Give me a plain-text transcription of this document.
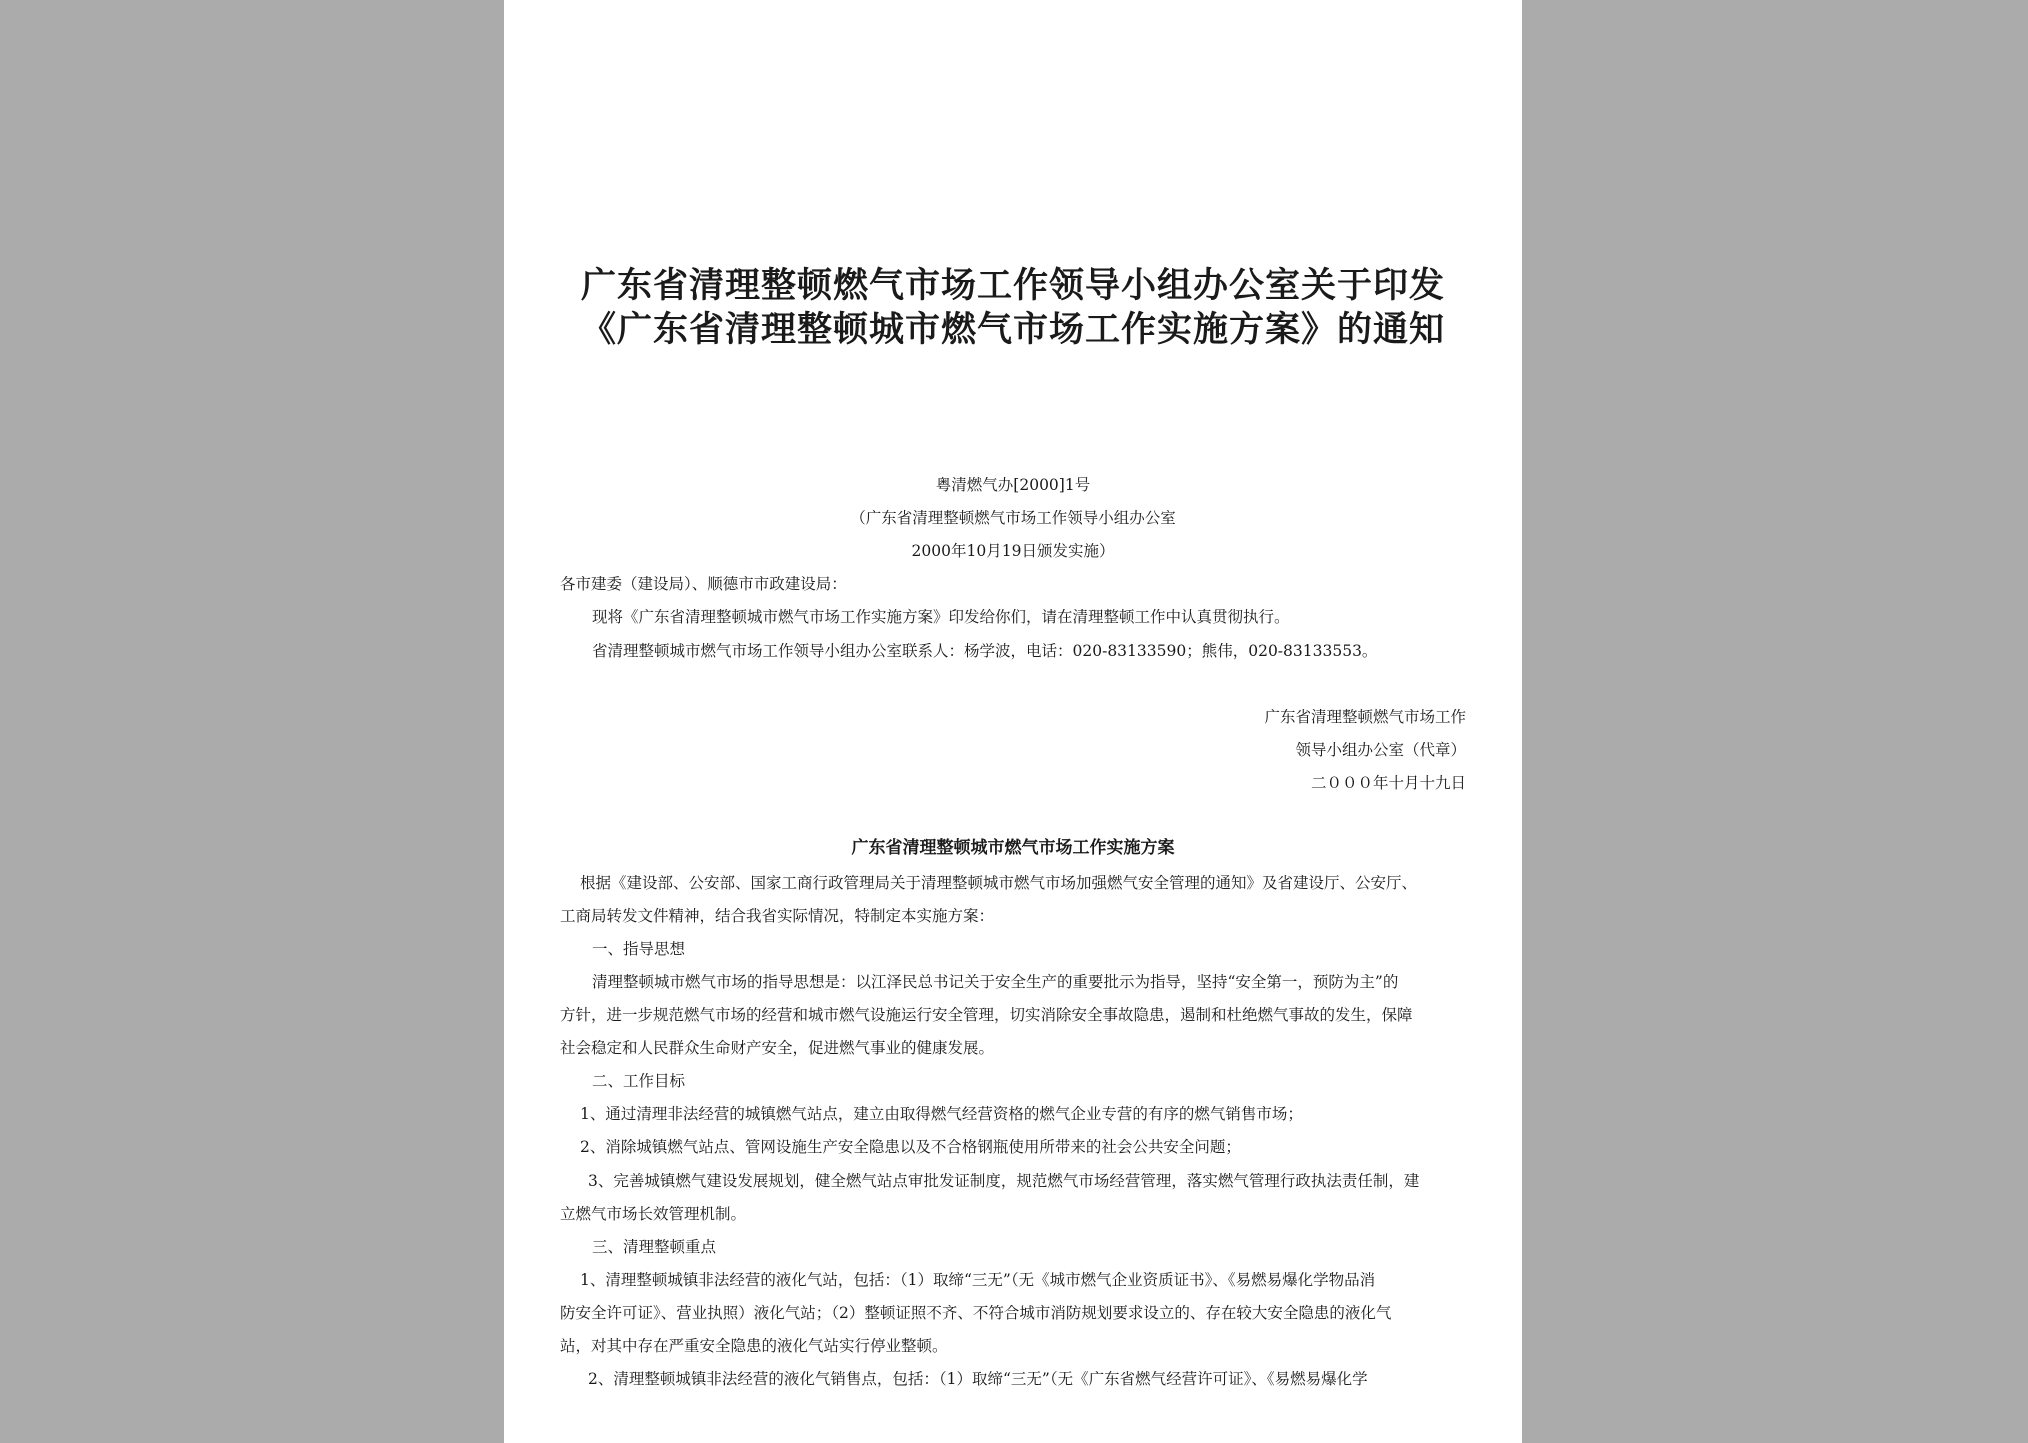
广东省清理整顿燃气市场工作领导小组办公室关于印发
《广东省清理整顿城市燃气市场工作实施方案》的通知
粤清燃气办[2000]1号
（广东省清理整顿燃气市场工作领导小组办公室
2000年10月19日颁发实施）
各市建委（建设局）、顺德市市政建设局：
现将《广东省清理整顿城市燃气市场工作实施方案》印发给你们，请在清理整顿工作中认真贯彻执行。
省清理整顿城市燃气市场工作领导小组办公室联系人：杨学波，电话：020-83133590；熊伟，020-83133553。
广东省清理整顿燃气市场工作
领导小组办公室（代章）
二０００年十月十九日
广东省清理整顿城市燃气市场工作实施方案
根据《建设部、公安部、国家工商行政管理局关于清理整顿城市燃气市场加强燃气安全管理的通知》及省建设厅、公安厅、
工商局转发文件精神，结合我省实际情况，特制定本实施方案：
一、指导思想
清理整顿城市燃气市场的指导思想是：以江泽民总书记关于安全生产的重要批示为指导，坚持“安全第一，预防为主”的
方针，进一步规范燃气市场的经营和城市燃气设施运行安全管理，切实消除安全事故隐患，遏制和杜绝燃气事故的发生，保障
社会稳定和人民群众生命财产安全，促进燃气事业的健康发展。
二、工作目标
1、通过清理非法经营的城镇燃气站点，建立由取得燃气经营资格的燃气企业专营的有序的燃气销售市场；
2、消除城镇燃气站点、管网设施生产安全隐患以及不合格钢瓶使用所带来的社会公共安全问题；
3、完善城镇燃气建设发展规划，健全燃气站点审批发证制度，规范燃气市场经营管理，落实燃气管理行政执法责任制，建
立燃气市场长效管理机制。
三、清理整顿重点
1、清理整顿城镇非法经营的液化气站，包括：（1）取缔“三无”（无《城市燃气企业资质证书》、《易燃易爆化学物品消
防安全许可证》、营业执照）液化气站；（2）整顿证照不齐、不符合城市消防规划要求设立的、存在较大安全隐患的液化气
站，对其中存在严重安全隐患的液化气站实行停业整顿。
2、清理整顿城镇非法经营的液化气销售点，包括：（1）取缔“三无”（无《广东省燃气经营许可证》、《易燃易爆化学
